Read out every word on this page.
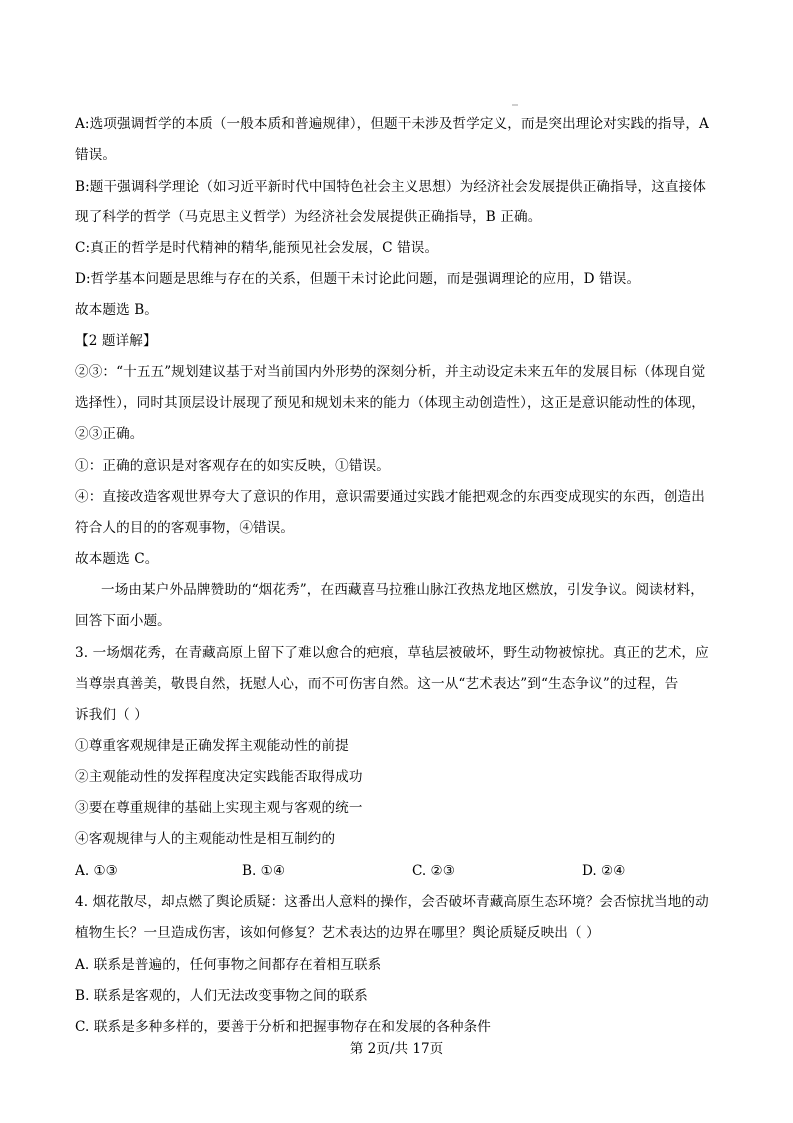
A:选项强调哲学的本质（一般本质和普遍规律），但题干未涉及哲学定义，而是突出理论对实践的指导，A
错误。
B:题干强调科学理论（如习近平新时代中国特色社会主义思想）为经济社会发展提供正确指导，这直接体
现了科学的哲学（马克思主义哲学）为经济社会发展提供正确指导，B 正确。
C:真正的哲学是时代精神的精华,能预见社会发展，C 错误。
D:哲学基本问题是思维与存在的关系，但题干未讨论此问题，而是强调理论的应用，D 错误。
故本题选 B。
【2 题详解】
②③：“十五五”规划建议基于对当前国内外形势的深刻分析，并主动设定未来五年的发展目标（体现自觉
选择性），同时其顶层设计展现了预见和规划未来的能力（体现主动创造性），这正是意识能动性的体现，
②③正确。
①：正确的意识是对客观存在的如实反映，①错误。
④：直接改造客观世界夸大了意识的作用，意识需要通过实践才能把观念的东西变成现实的东西，创造出
符合人的目的的客观事物，④错误。
故本题选 C。
一场由某户外品牌赞助的“烟花秀”，在西藏喜马拉雅山脉江孜热龙地区燃放，引发争议。阅读材料，
回答下面小题。
3. 一场烟花秀，在青藏高原上留下了难以愈合的疤痕，草毡层被破坏，野生动物被惊扰。真正的艺术，应
当尊崇真善美，敬畏自然，抚慰人心，而不可伤害自然。这一从“艺术表达”到“生态争议”的过程，告
诉我们（ ）
①尊重客观规律是正确发挥主观能动性的前提
②主观能动性的发挥程度决定实践能否取得成功
③要在尊重规律的基础上实现主观与客观的统一
④客观规律与人的主观能动性是相互制约的
A. ①③	B. ①④	C. ②③	D. ②④
4. 烟花散尽，却点燃了舆论质疑：这番出人意料的操作，会否破坏青藏高原生态环境？会否惊扰当地的动
植物生长？一旦造成伤害，该如何修复？艺术表达的边界在哪里？舆论质疑反映出（ ）
A. 联系是普遍的，任何事物之间都存在着相互联系
B. 联系是客观的，人们无法改变事物之间的联系
C. 联系是多种多样的，要善于分析和把握事物存在和发展的各种条件
第 2页/共 17页
